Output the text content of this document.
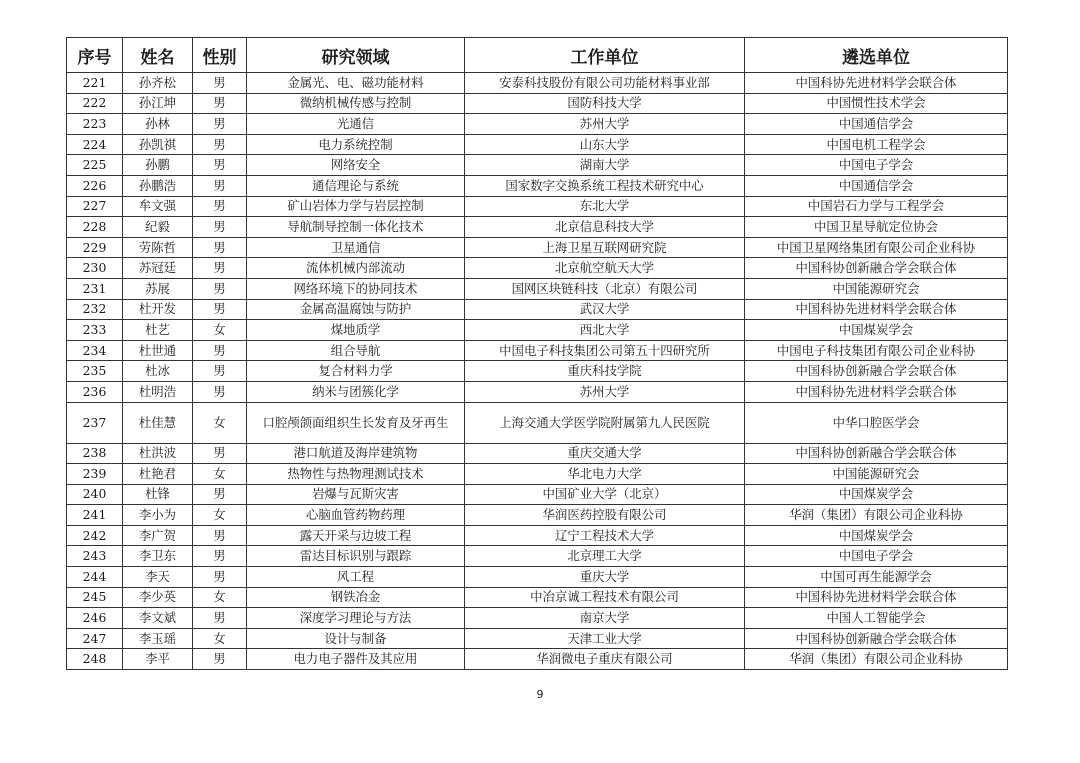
序号	姓名	性别	研究领域	工作单位	遴选单位
221	孙齐松	男	金属光、电、磁功能材料	安泰科技股份有限公司功能材料事业部	中国科协先进材料学会联合体
222	孙江坤	男	微纳机械传感与控制	国防科技大学	中国惯性技术学会
223	孙林	男	光通信	苏州大学	中国通信学会
224	孙凯祺	男	电力系统控制	山东大学	中国电机工程学会
225	孙鹏	男	网络安全	湖南大学	中国电子学会
226	孙鹏浩	男	通信理论与系统	国家数字交换系统工程技术研究中心	中国通信学会
227	牟文强	男	矿山岩体力学与岩层控制	东北大学	中国岩石力学与工程学会
228	纪毅	男	导航制导控制一体化技术	北京信息科技大学	中国卫星导航定位协会
229	劳陈哲	男	卫星通信	上海卫星互联网研究院	中国卫星网络集团有限公司企业科协
230	苏冠廷	男	流体机械内部流动	北京航空航天大学	中国科协创新融合学会联合体
231	苏展	男	网络环境下的协同技术	国网区块链科技（北京）有限公司	中国能源研究会
232	杜开发	男	金属高温腐蚀与防护	武汉大学	中国科协先进材料学会联合体
233	杜艺	女	煤地质学	西北大学	中国煤炭学会
234	杜世通	男	组合导航	中国电子科技集团公司第五十四研究所	中国电子科技集团有限公司企业科协
235	杜冰	男	复合材料力学	重庆科技学院	中国科协创新融合学会联合体
236	杜明浩	男	纳米与团簇化学	苏州大学	中国科协先进材料学会联合体
237	杜佳慧	女	口腔颅颌面组织生长发育及牙再生	上海交通大学医学院附属第九人民医院	中华口腔医学会
238	杜洪波	男	港口航道及海岸建筑物	重庆交通大学	中国科协创新融合学会联合体
239	杜艳君	女	热物性与热物理测试技术	华北电力大学	中国能源研究会
240	杜锋	男	岩爆与瓦斯灾害	中国矿业大学（北京）	中国煤炭学会
241	李小为	女	心脑血管药物药理	华润医药控股有限公司	华润（集团）有限公司企业科协
242	李广贺	男	露天开采与边坡工程	辽宁工程技术大学	中国煤炭学会
243	李卫东	男	雷达目标识别与跟踪	北京理工大学	中国电子学会
244	李天	男	风工程	重庆大学	中国可再生能源学会
245	李少英	女	钢铁冶金	中冶京诚工程技术有限公司	中国科协先进材料学会联合体
246	李文斌	男	深度学习理论与方法	南京大学	中国人工智能学会
247	李玉瑶	女	设计与制备	天津工业大学	中国科协创新融合学会联合体
248	李平	男	电力电子器件及其应用	华润微电子重庆有限公司	华润（集团）有限公司企业科协
9
